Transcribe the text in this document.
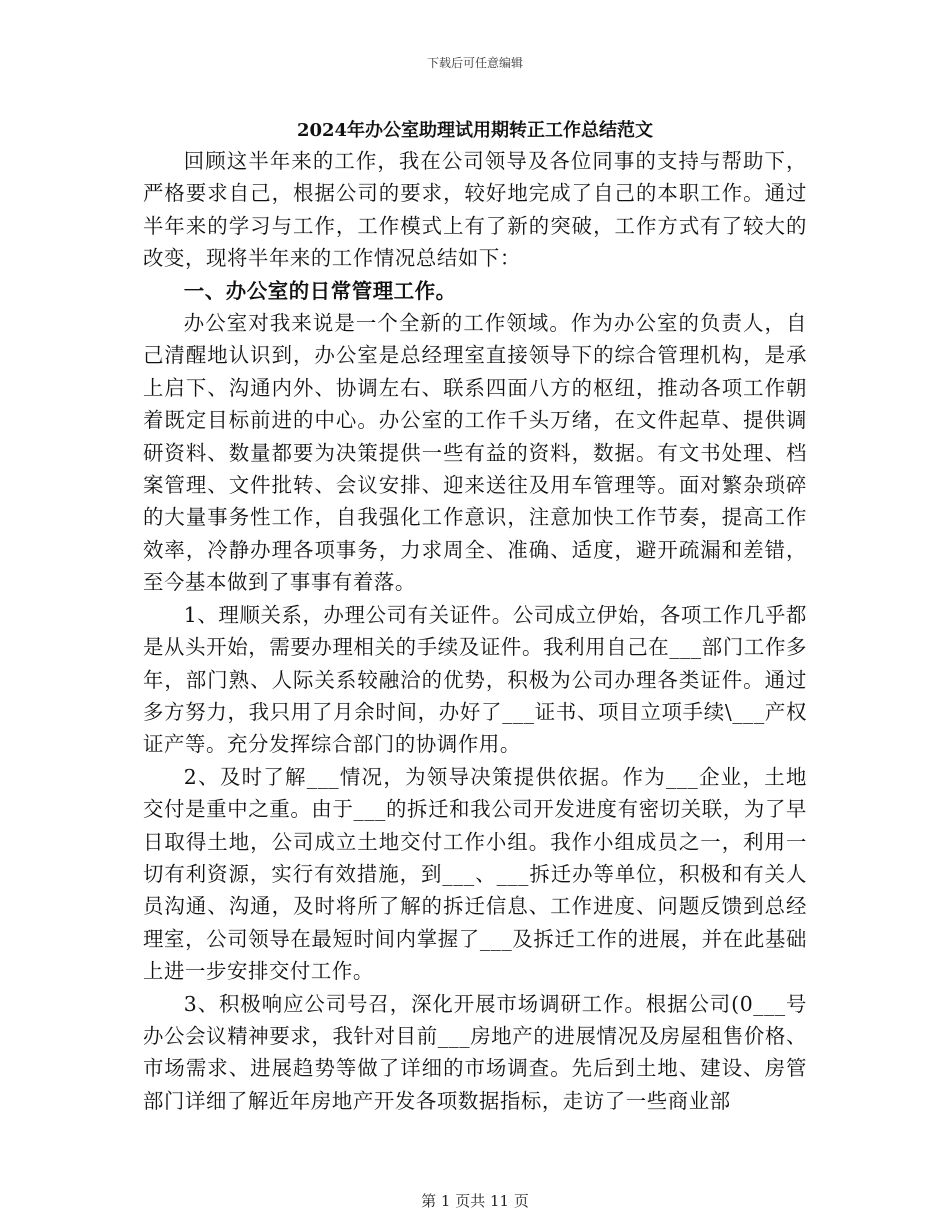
下载后可任意编辑
2024年办公室助理试用期转正工作总结范文

回顾这半年来的工作，我在公司领导及各位同事的支持与帮助下，严格要求自己，根据公司的要求，较好地完成了自己的本职工作。通过半年来的学习与工作，工作模式上有了新的突破，工作方式有了较大的改变，现将半年来的工作情况总结如下：

一、办公室的日常管理工作。

办公室对我来说是一个全新的工作领域。作为办公室的负责人，自己清醒地认识到，办公室是总经理室直接领导下的综合管理机构，是承上启下、沟通内外、协调左右、联系四面八方的枢纽，推动各项工作朝着既定目标前进的中心。办公室的工作千头万绪，在文件起草、提供调研资料、数量都要为决策提供一些有益的资料，数据。有文书处理、档案管理、文件批转、会议安排、迎来送往及用车管理等。面对繁杂琐碎的大量事务性工作，自我强化工作意识，注意加快工作节奏，提高工作效率，冷静办理各项事务，力求周全、准确、适度，避开疏漏和差错，至今基本做到了事事有着落。

1、理顺关系，办理公司有关证件。公司成立伊始，各项工作几乎都是从头开始，需要办理相关的手续及证件。我利用自己在___部门工作多年，部门熟、人际关系较融洽的优势，积极为公司办理各类证件。通过多方努力，我只用了月余时间，办好了___证书、项目立项手续\___产权证产等。充分发挥综合部门的协调作用。

2、及时了解___情况，为领导决策提供依据。作为___企业，土地交付是重中之重。由于___的拆迁和我公司开发进度有密切关联，为了早日取得土地，公司成立土地交付工作小组。我作小组成员之一，利用一切有利资源，实行有效措施，到___、___拆迁办等单位，积极和有关人员沟通、沟通，及时将所了解的拆迁信息、工作进度、问题反馈到总经理室，公司领导在最短时间内掌握了___及拆迁工作的进展，并在此基础上进一步安排交付工作。

3、积极响应公司号召，深化开展市场调研工作。根据公司(0___号办公会议精神要求，我针对目前___房地产的进展情况及房屋租售价格、市场需求、进展趋势等做了详细的市场调查。先后到土地、建设、房管部门详细了解近年房地产开发各项数据指标，走访了一些商业部

第 1 页共 11 页
